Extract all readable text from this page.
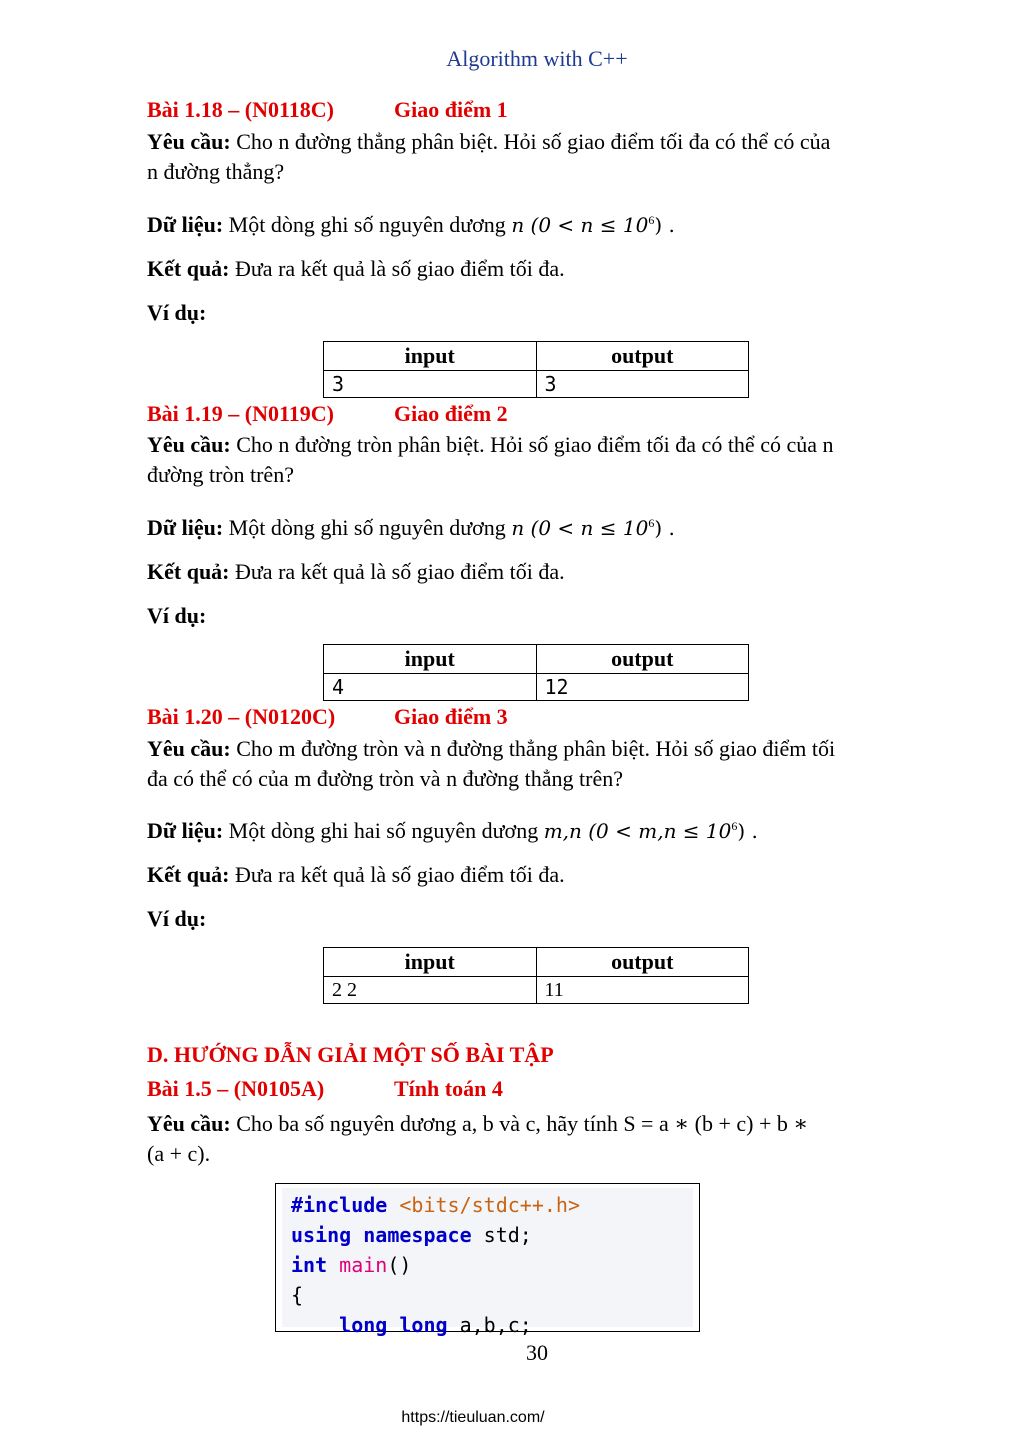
Algorithm with C++
Bài 1.18 – (N0118C)	Giao điểm 1
Yêu cầu: Cho n đường thẳng phân biệt. Hỏi số giao điểm tối đa có thể có của
n đường thẳng?
Dữ liệu: Một dòng ghi số nguyên dương n $(0 < n \le 10^6)$ .
Kết quả: Đưa ra kết quả là số giao điểm tối đa.
Ví dụ:
input	output
3	3
Bài 1.19 – (N0119C)	Giao điểm 2
Yêu cầu: Cho n đường tròn phân biệt. Hỏi số giao điểm tối đa có thể có của n
đường tròn trên?
Dữ liệu: Một dòng ghi số nguyên dương n $(0 < n \le 10^6)$ .
Kết quả: Đưa ra kết quả là số giao điểm tối đa.
Ví dụ:
input	output
4	12
Bài 1.20 – (N0120C)	Giao điểm 3
Yêu cầu: Cho m đường tròn và n đường thẳng phân biệt. Hỏi số giao điểm tối
đa có thể có của m đường tròn và n đường thẳng trên?
Dữ liệu: Một dòng ghi hai số nguyên dương m,n $(0 < m,n \le 10^6)$ .
Kết quả: Đưa ra kết quả là số giao điểm tối đa.
Ví dụ:
input	output
2 2	11
D. HƯỚNG DẪN GIẢI MỘT SỐ BÀI TẬP
Bài 1.5 – (N0105A)	Tính toán 4
Yêu cầu: Cho ba số nguyên dương a, b và c, hãy tính S = a ∗ (b + c) + b ∗
(a + c).
#include <bits/stdc++.h>
using namespace std;
int main()
{
long long a,b,c;
30
https://tieuluan.com/
